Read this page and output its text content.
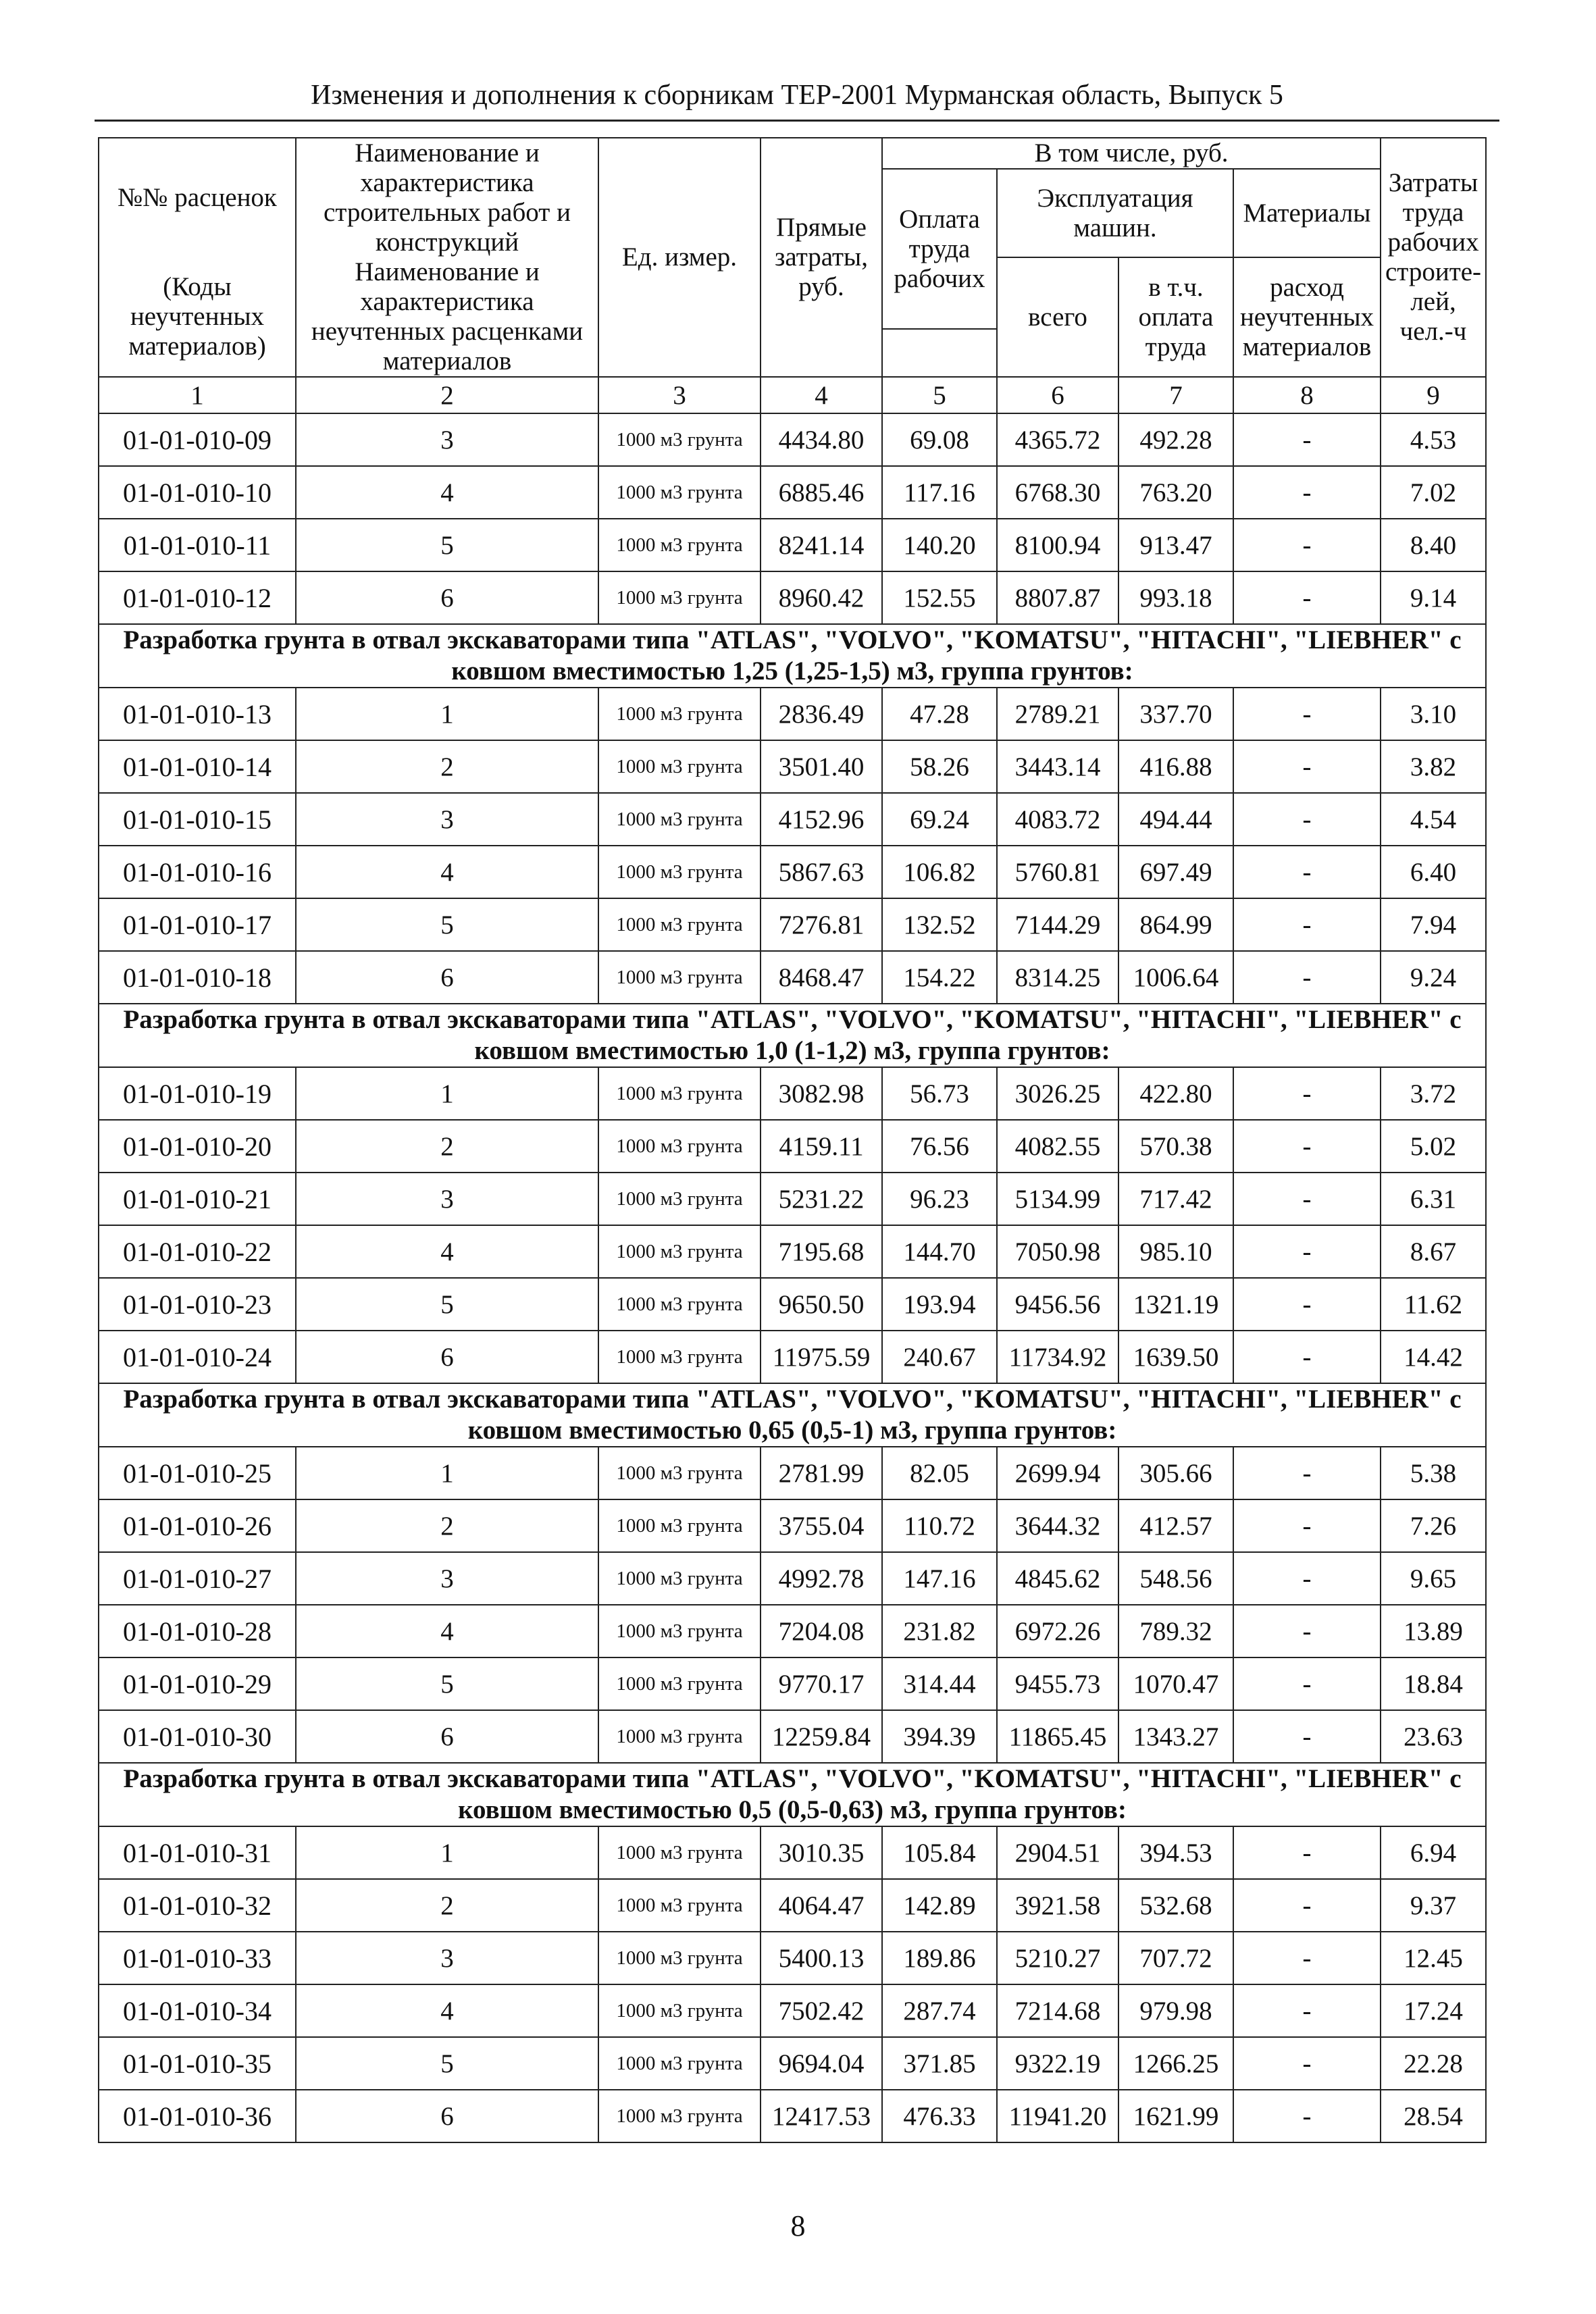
Изменения и дополнения к сборникам ТЕР-2001 Мурманская область, Выпуск 5
№№ расценок	Наименование и характеристика строительных работ и конструкций	Ед. измер.	Прямые затраты, руб.	В том числе, руб.				Затраты труда рабочих строите-лей, чел.-ч
				Оплата труда рабочих	Эксплуатация машин.		Материалы	
(Коды неучтенных материалов)	Наименование и характеристика неучтенных расценками материалов				всего	в т.ч. оплата труда	расход неучтенных материалов	

1	2	3	4	5	6	7	8	9
01-01-010-09	3	1000 м3 грунта	4434.80	69.08	4365.72	492.28	-	4.53
01-01-010-10	4	1000 м3 грунта	6885.46	117.16	6768.30	763.20	-	7.02
01-01-010-11	5	1000 м3 грунта	8241.14	140.20	8100.94	913.47	-	8.40
01-01-010-12	6	1000 м3 грунта	8960.42	152.55	8807.87	993.18	-	9.14
Разработка грунта в отвал экскаваторами типа "ATLAS", "VOLVO", "KOMATSU", "HITACHI", "LIEBHER" с ковшом вместимостью 1,25 (1,25-1,5) м3, группа грунтов:								
01-01-010-13	1	1000 м3 грунта	2836.49	47.28	2789.21	337.70	-	3.10
01-01-010-14	2	1000 м3 грунта	3501.40	58.26	3443.14	416.88	-	3.82
01-01-010-15	3	1000 м3 грунта	4152.96	69.24	4083.72	494.44	-	4.54
01-01-010-16	4	1000 м3 грунта	5867.63	106.82	5760.81	697.49	-	6.40
01-01-010-17	5	1000 м3 грунта	7276.81	132.52	7144.29	864.99	-	7.94
01-01-010-18	6	1000 м3 грунта	8468.47	154.22	8314.25	1006.64	-	9.24
Разработка грунта в отвал экскаваторами типа "ATLAS", "VOLVO", "KOMATSU", "HITACHI", "LIEBHER" с ковшом вместимостью 1,0 (1-1,2) м3, группа грунтов:								
01-01-010-19	1	1000 м3 грунта	3082.98	56.73	3026.25	422.80	-	3.72
01-01-010-20	2	1000 м3 грунта	4159.11	76.56	4082.55	570.38	-	5.02
01-01-010-21	3	1000 м3 грунта	5231.22	96.23	5134.99	717.42	-	6.31
01-01-010-22	4	1000 м3 грунта	7195.68	144.70	7050.98	985.10	-	8.67
01-01-010-23	5	1000 м3 грунта	9650.50	193.94	9456.56	1321.19	-	11.62
01-01-010-24	6	1000 м3 грунта	11975.59	240.67	11734.92	1639.50	-	14.42
Разработка грунта в отвал экскаваторами типа "ATLAS", "VOLVO", "KOMATSU", "HITACHI", "LIEBHER" с ковшом вместимостью 0,65 (0,5-1) м3, группа грунтов:								
01-01-010-25	1	1000 м3 грунта	2781.99	82.05	2699.94	305.66	-	5.38
01-01-010-26	2	1000 м3 грунта	3755.04	110.72	3644.32	412.57	-	7.26
01-01-010-27	3	1000 м3 грунта	4992.78	147.16	4845.62	548.56	-	9.65
01-01-010-28	4	1000 м3 грунта	7204.08	231.82	6972.26	789.32	-	13.89
01-01-010-29	5	1000 м3 грунта	9770.17	314.44	9455.73	1070.47	-	18.84
01-01-010-30	6	1000 м3 грунта	12259.84	394.39	11865.45	1343.27	-	23.63
Разработка грунта в отвал экскаваторами типа "ATLAS", "VOLVO", "KOMATSU", "HITACHI", "LIEBHER" с ковшом вместимостью 0,5 (0,5-0,63) м3, группа грунтов:								
01-01-010-31	1	1000 м3 грунта	3010.35	105.84	2904.51	394.53	-	6.94
01-01-010-32	2	1000 м3 грунта	4064.47	142.89	3921.58	532.68	-	9.37
01-01-010-33	3	1000 м3 грунта	5400.13	189.86	5210.27	707.72	-	12.45
01-01-010-34	4	1000 м3 грунта	7502.42	287.74	7214.68	979.98	-	17.24
01-01-010-35	5	1000 м3 грунта	9694.04	371.85	9322.19	1266.25	-	22.28
01-01-010-36	6	1000 м3 грунта	12417.53	476.33	11941.20	1621.99	-	28.54
8
